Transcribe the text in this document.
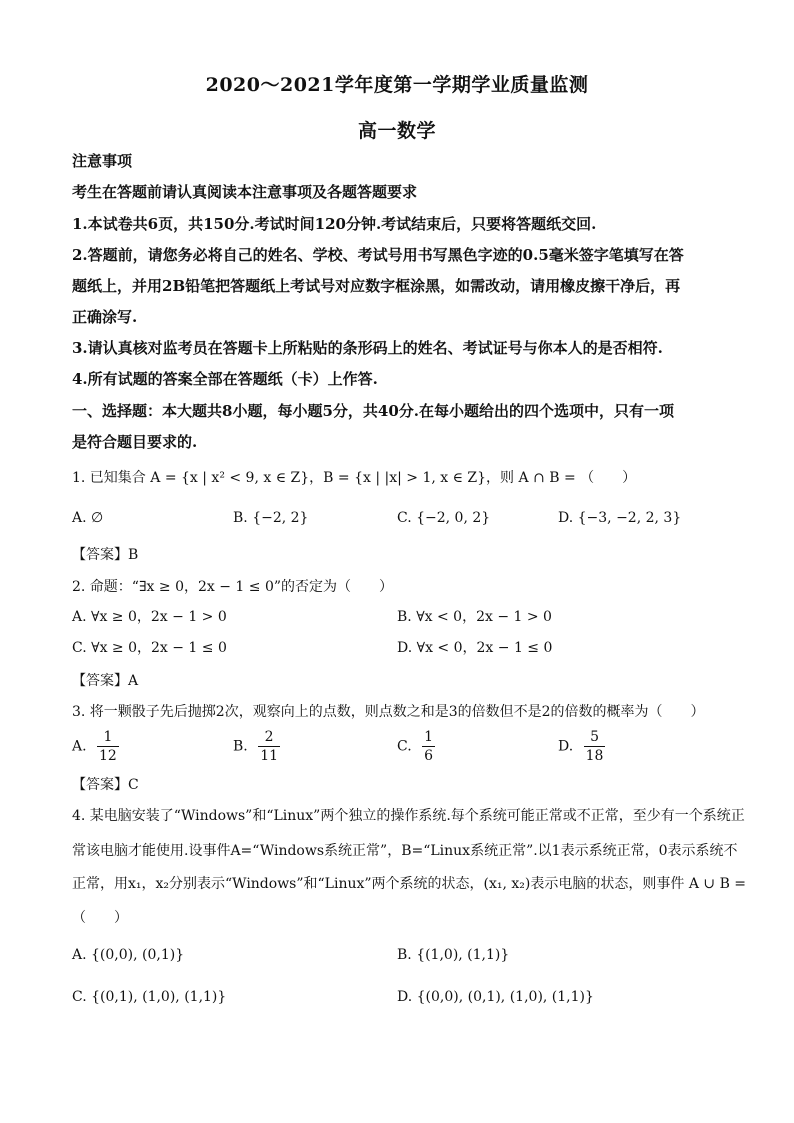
2020～2021学年度第一学期学业质量监测
高一数学
注意事项
考生在答题前请认真阅读本注意事项及各题答题要求
1.本试卷共6页，共150分.考试时间120分钟.考试结束后，只要将答题纸交回.
2.答题前，请您务必将自己的姓名、学校、考试号用书写黑色字迹的0.5毫米签字笔填写在答
题纸上，并用2B铅笔把答题纸上考试号对应数字框涂黑，如需改动，请用橡皮擦干净后，再
正确涂写.
3.请认真核对监考员在答题卡上所粘贴的条形码上的姓名、考试证号与你本人的是否相符.
4.所有试题的答案全部在答题纸（卡）上作答.
一、选择题：本大题共8小题，每小题5分，共40分.在每小题给出的四个选项中，只有一项
是符合题目要求的.
1. 已知集合 A = {x | x² < 9, x ∈ Z}，B = {x | |x| > 1, x ∈ Z}，则 A ∩ B = （　　）
A. ∅	B. {−2, 2}	C. {−2, 0, 2}	D. {−3, −2, 2, 3}
【答案】B
2. 命题：“∃x ≥ 0，2x − 1 ≤ 0”的否定为（　　）
A. ∀x ≥ 0，2x − 1 > 0	B. ∀x < 0，2x − 1 > 0
C. ∀x ≥ 0，2x − 1 ≤ 0	D. ∀x < 0，2x − 1 ≤ 0
【答案】A
3. 将一颗骰子先后抛掷2次，观察向上的点数，则点数之和是3的倍数但不是2的倍数的概率为（　　）
A. $\frac{1}{12}$	B. $\frac{2}{11}$	C. $\frac{1}{6}$	D. $\frac{5}{18}$
【答案】C
4. 某电脑安装了“Windows”和“Linux”两个独立的操作系统.每个系统可能正常或不正常，至少有一个系统正
常该电脑才能使用.设事件A=“Windows系统正常”，B=“Linux系统正常”.以1表示系统正常，0表示系统不
正常，用x₁，x₂分别表示“Windows”和“Linux”两个系统的状态，(x₁, x₂)表示电脑的状态，则事件 A ∪ B =
（　　）
A. {(0,0), (0,1)}	B. {(1,0), (1,1)}
C. {(0,1), (1,0), (1,1)}	D. {(0,0), (0,1), (1,0), (1,1)}
